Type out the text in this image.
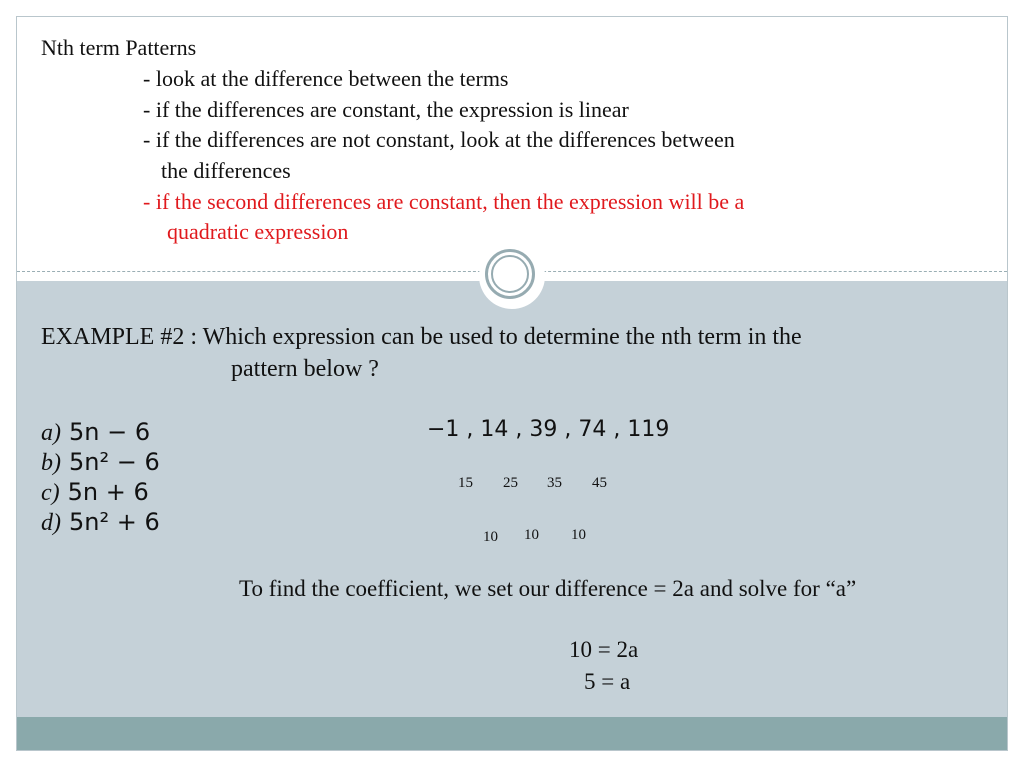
Nth term Patterns
- look at the difference between the terms
- if the differences are constant, the expression is linear
- if the differences are not constant, look at the differences between
the differences
- if the second differences are constant, then the expression will be a
quadratic expression
EXAMPLE #2 : Which expression can be used to determine the nth term in the
pattern below ?
a) 5n − 6
b) 5n² − 6
c) 5n + 6
d) 5n² + 6
−1 , 14 , 39 , 74 , 119
15 25 35 45
10 10 10
To find the coefficient, we set our difference = 2a and solve for “a”
10 = 2a
5 = a
